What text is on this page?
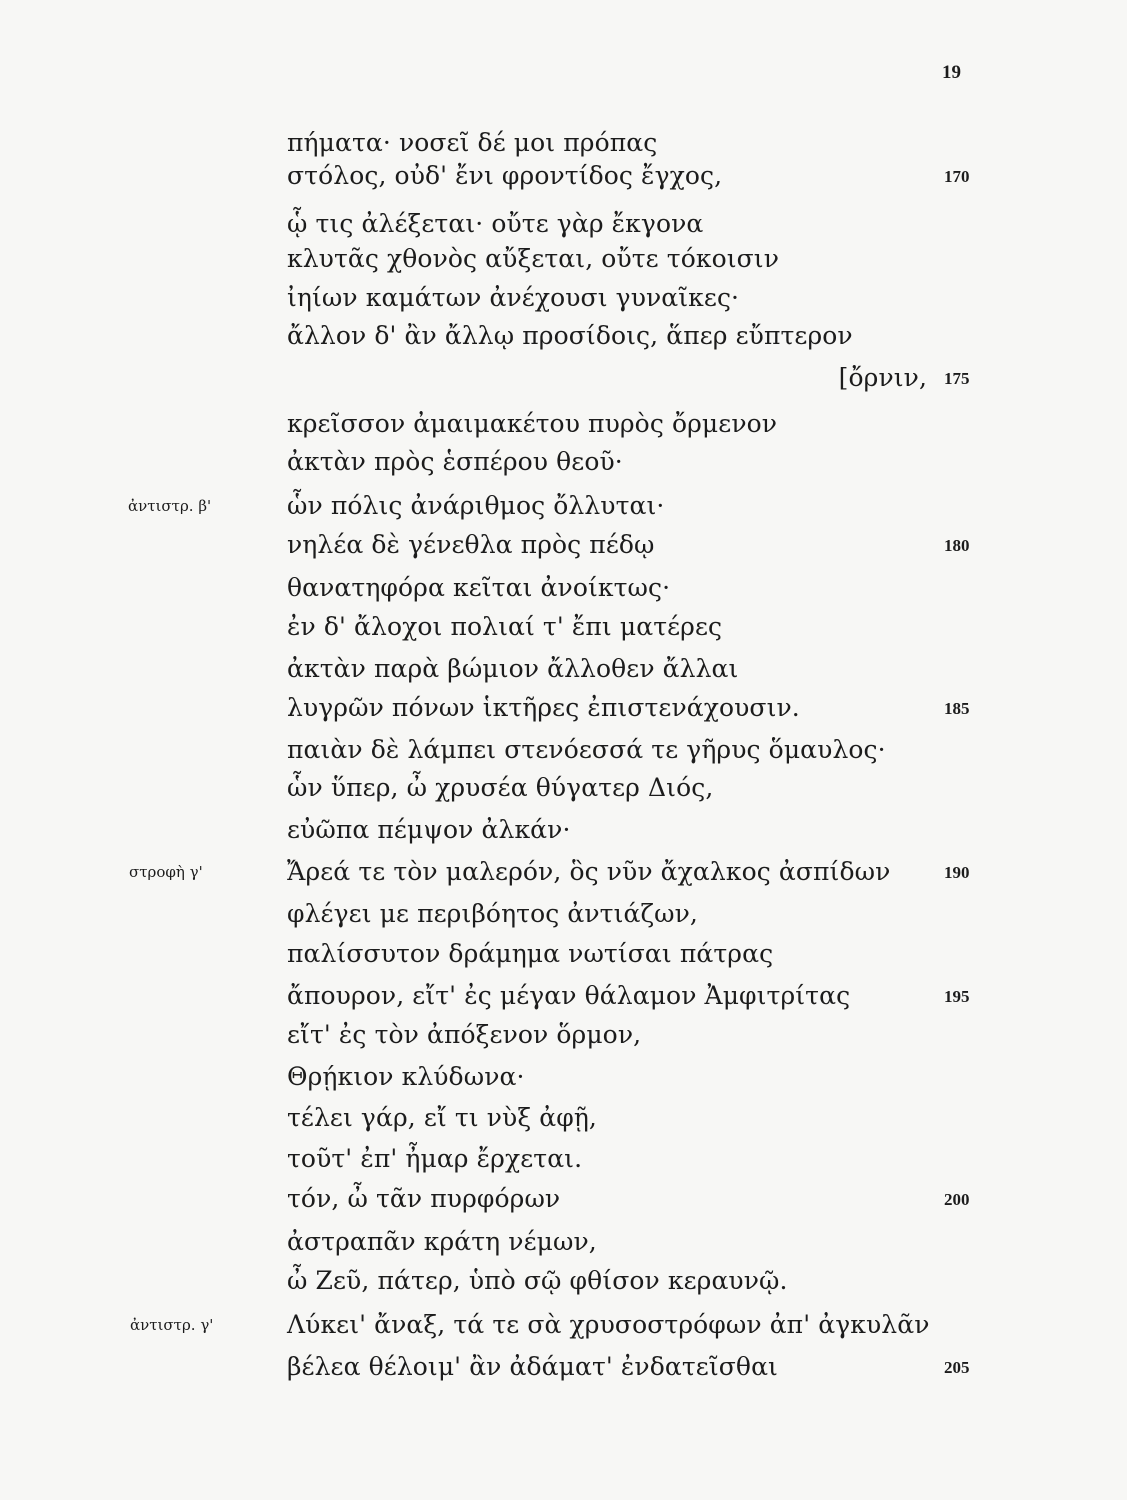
19
πήματα· νοσεῖ δέ μοι πρόπας
στόλος, οὐδ' ἔνι φροντίδος ἔγχος,	170
ᾧ τις ἀλέξεται· οὔτε γὰρ ἔκγονα
κλυτᾶς χθονὸς αὔξεται, οὔτε τόκοισιν
ἰηίων καμάτων ἀνέχουσι γυναῖκες·
ἄλλον δ' ἂν ἄλλῳ προσίδοις, ἅπερ εὔπτερον
[ὄρνιν, 175
κρεῖσσον ἀμαιμακέτου πυρὸς ὄρμενον
ἀκτὰν πρὸς ἑσπέρου θεοῦ·
ἀντιστρ. β'	ὧν πόλις ἀνάριθμος ὄλλυται·
νηλέα δὲ γένεθλα πρὸς πέδῳ	180
θανατηφόρα κεῖται ἀνοίκτως·
ἐν δ' ἄλοχοι πολιαί τ' ἔπι ματέρες
ἀκτὰν παρὰ βώμιον ἄλλοθεν ἄλλαι
λυγρῶν πόνων ἱκτῆρες ἐπιστενάχουσιν.	185
παιὰν δὲ λάμπει στενόεσσά τε γῆρυς ὅμαυλος·
ὧν ὕπερ, ὦ χρυσέα θύγατερ Διός,
εὐῶπα πέμψον ἀλκάν·
στροφὴ γ'	Ἄρεά τε τὸν μαλερόν, ὃς νῦν ἄχαλκος ἀσπίδων	190
φλέγει με περιβόητος ἀντιάζων,
παλίσσυτον δράμημα νωτίσαι πάτρας
ἄπουρον, εἴτ' ἐς μέγαν θάλαμον Ἀμφιτρίτας	195
εἴτ' ἐς τὸν ἀπόξενον ὅρμον,
Θρῄκιον κλύδωνα·
τέλει γάρ, εἴ τι νὺξ ἀφῇ,
τοῦτ' ἐπ' ἦμαρ ἔρχεται.
τόν, ὦ τᾶν πυρφόρων	200
ἀστραπᾶν κράτη νέμων,
ὦ Ζεῦ, πάτερ, ὑπὸ σῷ φθίσον κεραυνῷ.
ἀντιστρ. γ'	Λύκει' ἄναξ, τά τε σὰ χρυσοστρόφων ἀπ' ἀγκυλᾶν
βέλεα θέλοιμ' ἂν ἀδάματ' ἐνδατεῖσθαι	205
